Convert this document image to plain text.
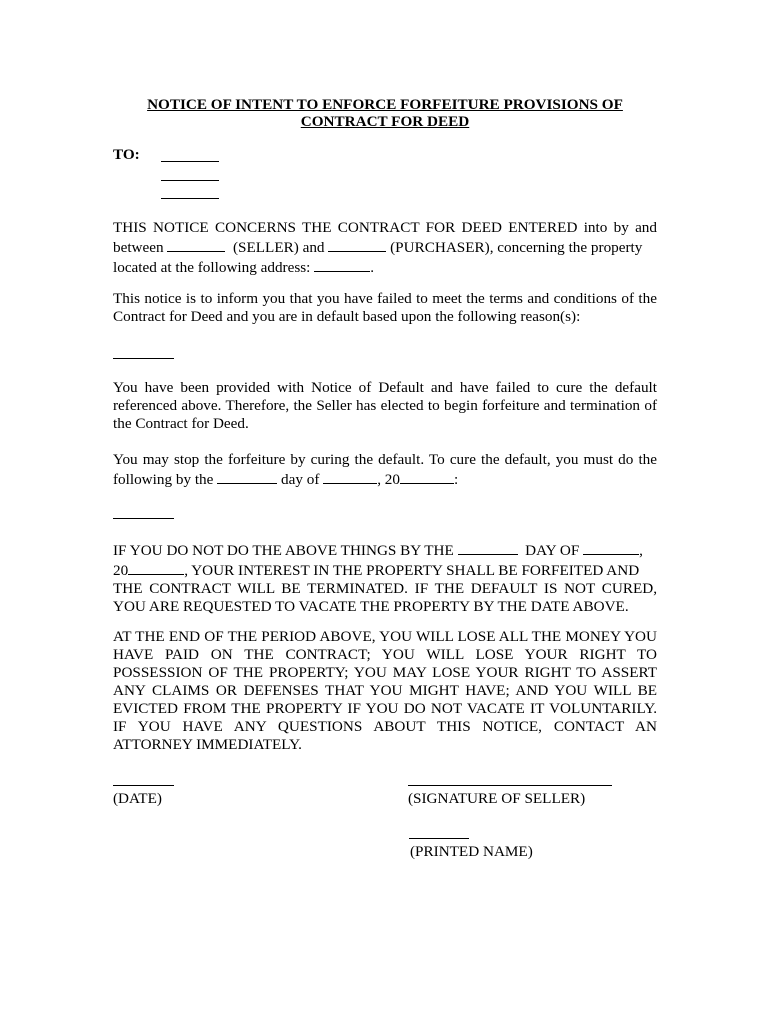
NOTICE OF INTENT TO ENFORCE FORFEITURE PROVISIONS OF
CONTRACT FOR DEED
TO:
THIS NOTICE CONCERNS THE CONTRACT FOR DEED ENTERED into by and
between	(SELLER) and	(PURCHASER), concerning the property
located at the following address:	.
This notice is to inform you that you have failed to meet the terms and conditions of the
Contract for Deed and you are in default based upon the following reason(s):
You have been provided with Notice of Default and have failed to cure the default
referenced above. Therefore, the Seller has elected to begin forfeiture and termination of
the Contract for Deed.
You may stop the forfeiture by curing the default. To cure the default, you must do the
following by the	day of	, 20	:
IF YOU DO NOT DO THE ABOVE THINGS BY THE	DAY OF	,
20	, YOUR INTEREST IN THE PROPERTY SHALL BE FORFEITED AND
THE CONTRACT WILL BE TERMINATED. IF THE DEFAULT IS NOT CURED,
YOU ARE REQUESTED TO VACATE THE PROPERTY BY THE DATE ABOVE.
AT THE END OF THE PERIOD ABOVE, YOU WILL LOSE ALL THE MONEY YOU
HAVE PAID ON THE CONTRACT; YOU WILL LOSE YOUR RIGHT TO
POSSESSION OF THE PROPERTY; YOU MAY LOSE YOUR RIGHT TO ASSERT
ANY CLAIMS OR DEFENSES THAT YOU MIGHT HAVE; AND YOU WILL BE
EVICTED FROM THE PROPERTY IF YOU DO NOT VACATE IT VOLUNTARILY.
IF YOU HAVE ANY QUESTIONS ABOUT THIS NOTICE, CONTACT AN
ATTORNEY IMMEDIATELY.
(DATE)	(SIGNATURE OF SELLER)
(PRINTED NAME)
